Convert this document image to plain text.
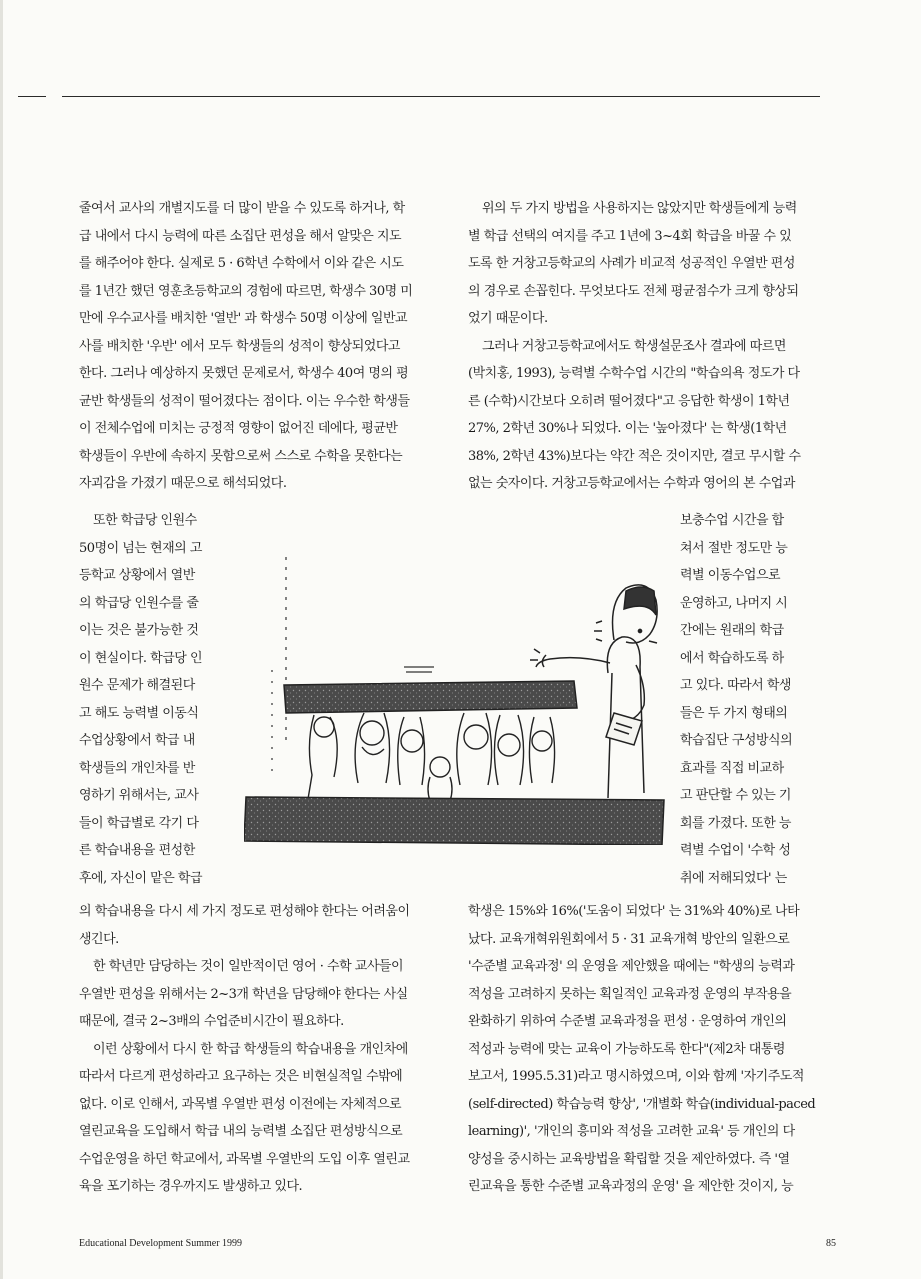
줄여서 교사의 개별지도를 더 많이 받을 수 있도록 하거나, 학
급 내에서 다시 능력에 따른 소집단 편성을 해서 알맞은 지도
를 해주어야 한다. 실제로 5 · 6학년 수학에서 이와 같은 시도
를 1년간 했던 영훈초등학교의 경험에 따르면, 학생수 30명 미
만에 우수교사를 배치한 '열반' 과 학생수 50명 이상에 일반교
사를 배치한 '우반' 에서 모두 학생들의 성적이 향상되었다고
한다. 그러나 예상하지 못했던 문제로서, 학생수 40여 명의 평
균반 학생들의 성적이 떨어졌다는 점이다. 이는 우수한 학생들
이 전체수업에 미치는 긍정적 영향이 없어진 데에다, 평균반
학생들이 우반에 속하지 못함으로써 스스로 수학을 못한다는
자괴감을 가졌기 때문으로 해석되었다.
또한 학급당 인원수
50명이 넘는 현재의 고
등학교 상황에서 열반
의 학급당 인원수를 줄
이는 것은 불가능한 것
이 현실이다. 학급당 인
원수 문제가 해결된다
고 해도 능력별 이동식
수업상황에서 학급 내
학생들의 개인차를 반
영하기 위해서는, 교사
들이 학급별로 각기 다
른 학습내용을 편성한
후에, 자신이 맡은 학급
의 학습내용을 다시 세 가지 정도로 편성해야 한다는 어려움이
생긴다.
한 학년만 담당하는 것이 일반적이던 영어 · 수학 교사들이
우열반 편성을 위해서는 2~3개 학년을 담당해야 한다는 사실
때문에, 결국 2~3배의 수업준비시간이 필요하다.
이런 상황에서 다시 한 학급 학생들의 학습내용을 개인차에
따라서 다르게 편성하라고 요구하는 것은 비현실적일 수밖에
없다. 이로 인해서, 과목별 우열반 편성 이전에는 자체적으로
열린교육을 도입해서 학급 내의 능력별 소집단 편성방식으로
수업운영을 하던 학교에서, 과목별 우열반의 도입 이후 열린교
육을 포기하는 경우까지도 발생하고 있다.
위의 두 가지 방법을 사용하지는 않았지만 학생들에게 능력
별 학급 선택의 여지를 주고 1년에 3~4회 학급을 바꿀 수 있
도록 한 거창고등학교의 사례가 비교적 성공적인 우열반 편성
의 경우로 손꼽힌다. 무엇보다도 전체 평균점수가 크게 향상되
었기 때문이다.
그러나 거창고등학교에서도 학생설문조사 결과에 따르면
(박치홍, 1993), 능력별 수학수업 시간의 "학습의욕 정도가 다
른 (수학)시간보다 오히려 떨어졌다"고 응답한 학생이 1학년
27%, 2학년 30%나 되었다. 이는 '높아졌다' 는 학생(1학년
38%, 2학년 43%)보다는 약간 적은 것이지만, 결코 무시할 수
없는 숫자이다. 거창고등학교에서는 수학과 영어의 본 수업과
보충수업 시간을 합
쳐서 절반 정도만 능
력별 이동수업으로
운영하고, 나머지 시
간에는 원래의 학급
에서 학습하도록 하
고 있다. 따라서 학생
들은 두 가지 형태의
학습집단 구성방식의
효과를 직접 비교하
고 판단할 수 있는 기
회를 가졌다. 또한 능
력별 수업이 '수학 성
취에 저해되었다' 는
학생은 15%와 16%('도움이 되었다' 는 31%와 40%)로 나타
났다. 교육개혁위원회에서 5 · 31 교육개혁 방안의 일환으로
'수준별 교육과정' 의 운영을 제안했을 때에는 "학생의 능력과
적성을 고려하지 못하는 획일적인 교육과정 운영의 부작용을
완화하기 위하여 수준별 교육과정을 편성 · 운영하여 개인의
적성과 능력에 맞는 교육이 가능하도록 한다"(제2차 대통령
보고서, 1995.5.31)라고 명시하였으며, 이와 함께 '자기주도적
(self-directed) 학습능력 향상', '개별화 학습(individual-paced
learning)', '개인의 흥미와 적성을 고려한 교육' 등 개인의 다
양성을 중시하는 교육방법을 확립할 것을 제안하였다. 즉 '열
린교육을 통한 수준별 교육과정의 운영' 을 제안한 것이지, 능
Educational Development Summer 1999	85
